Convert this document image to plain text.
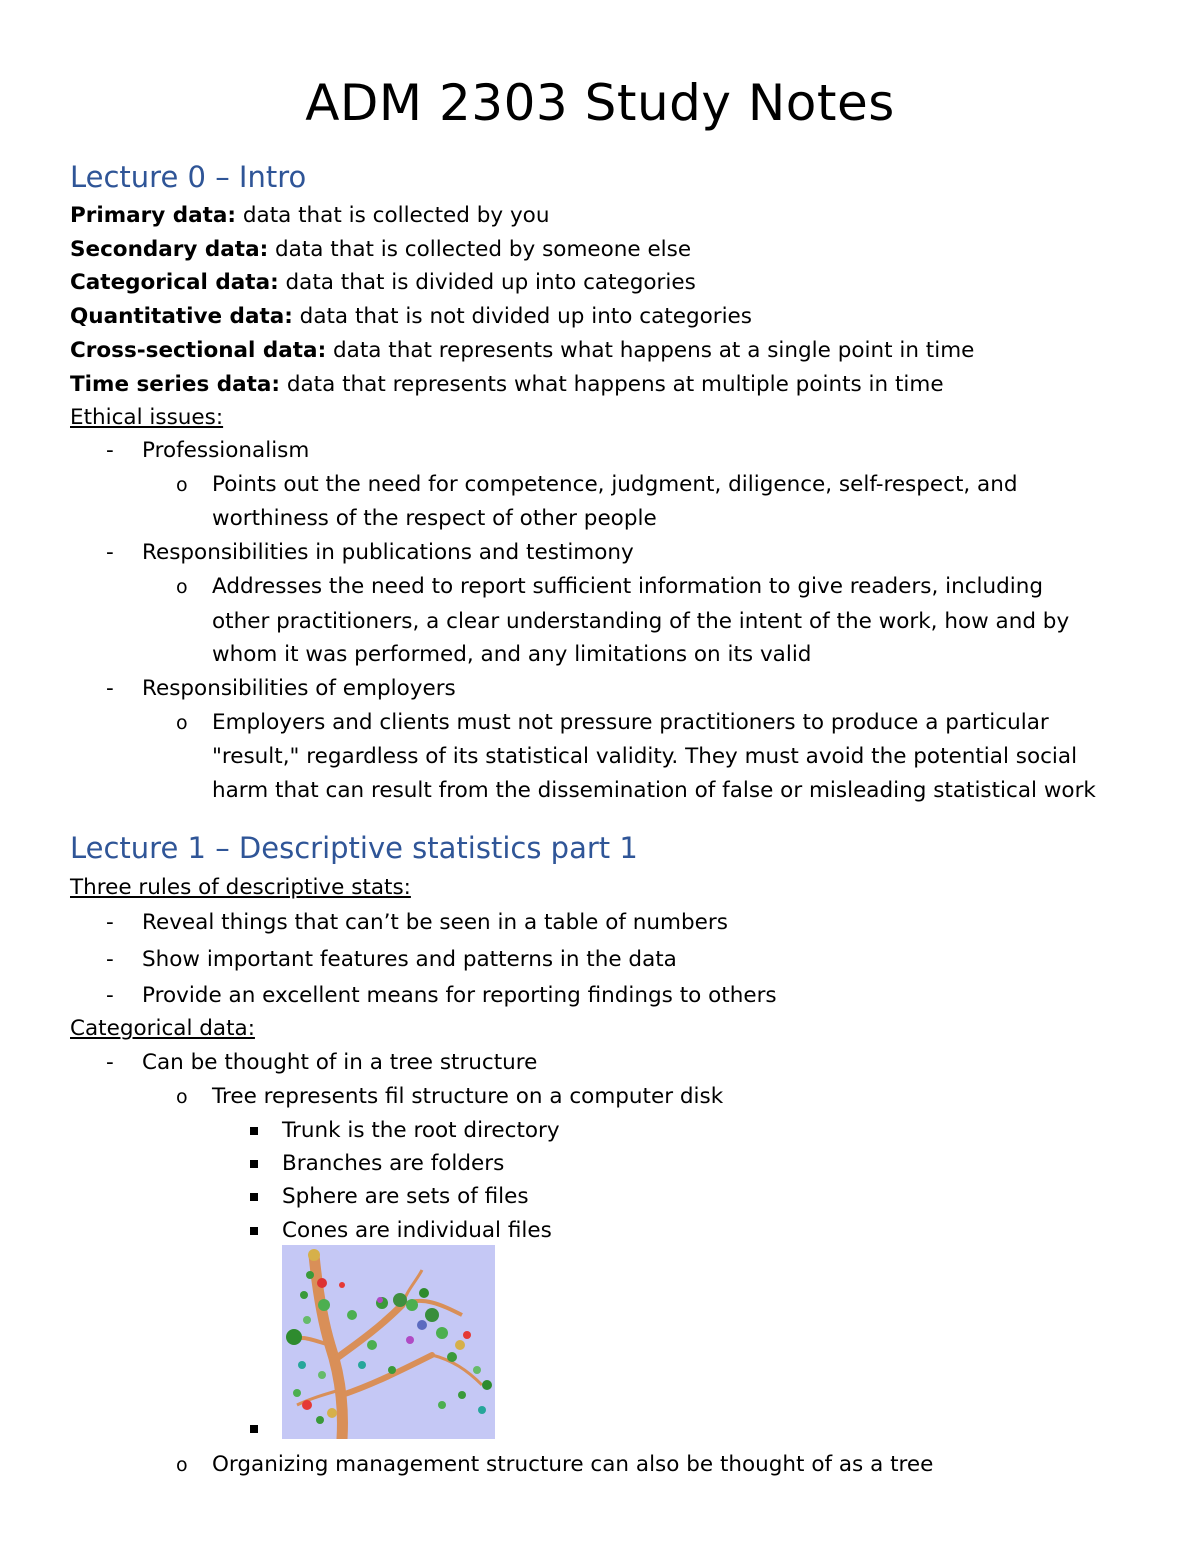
ADM 2303 Study Notes
Lecture 0 – Intro
Primary data: data that is collected by you
Secondary data: data that is collected by someone else
Categorical data: data that is divided up into categories
Quantitative data: data that is not divided up into categories
Cross-sectional data: data that represents what happens at a single point in time
Time series data: data that represents what happens at multiple points in time
Ethical issues:
- Professionalism
o Points out the need for competence, judgment, diligence, self-respect, and
worthiness of the respect of other people
- Responsibilities in publications and testimony
o Addresses the need to report sufficient information to give readers, including
other practitioners, a clear understanding of the intent of the work, how and by
whom it was performed, and any limitations on its valid
- Responsibilities of employers
o Employers and clients must not pressure practitioners to produce a particular
"result," regardless of its statistical validity. They must avoid the potential social
harm that can result from the dissemination of false or misleading statistical work
Lecture 1 – Descriptive statistics part 1
Three rules of descriptive stats:
- Reveal things that can’t be seen in a table of numbers
- Show important features and patterns in the data
- Provide an excellent means for reporting findings to others
Categorical data:
- Can be thought of in a tree structure
o Tree represents fil structure on a computer disk
Trunk is the root directory
Branches are folders
Sphere are sets of files
Cones are individual files
o Organizing management structure can also be thought of as a tree
